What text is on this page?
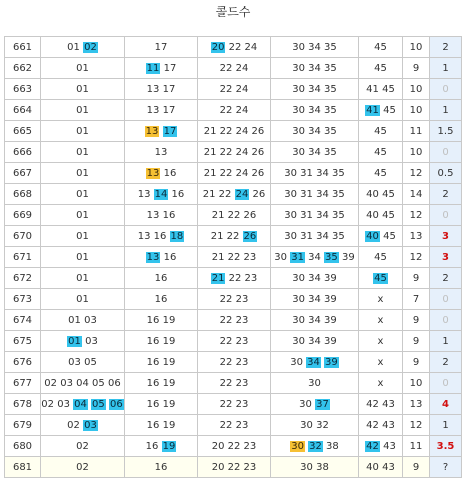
콜드수
661	01 02	17	20 22 24	30 34 35	45	10	2
662	01	11 17	22 24	30 34 35	45	9	1
663	01	13 17	22 24	30 34 35	41 45	10	0
664	01	13 17	22 24	30 34 35	41 45	10	1
665	01	13 17	21 22 24 26	30 34 35	45	11	1.5
666	01	13	21 22 24 26	30 34 35	45	10	0
667	01	13 16	21 22 24 26	30 31 34 35	45	12	0.5
668	01	13 14 16	21 22 24 26	30 31 34 35	40 45	14	2
669	01	13 16	21 22 26	30 31 34 35	40 45	12	0
670	01	13 16 18	21 22 26	30 31 34 35	40 45	13	3
671	01	13 16	21 22 23	30 31 34 35 39	45	12	3
672	01	16	21 22 23	30 34 39	45	9	2
673	01	16	22 23	30 34 39	x	7	0
674	01 03	16 19	22 23	30 34 39	x	9	0
675	01 03	16 19	22 23	30 34 39	x	9	1
676	03 05	16 19	22 23	30 34 39	x	9	2
677	02 03 04 05 06	16 19	22 23	30	x	10	0
678	02 03 04 05 06	16 19	22 23	30 37	42 43	13	4
679	02 03	16 19	22 23	30 32	42 43	12	1
680	02	16 19	20 22 23	30 32 38	42 43	11	3.5
681	02	16	20 22 23	30 38	40 43	9	?
